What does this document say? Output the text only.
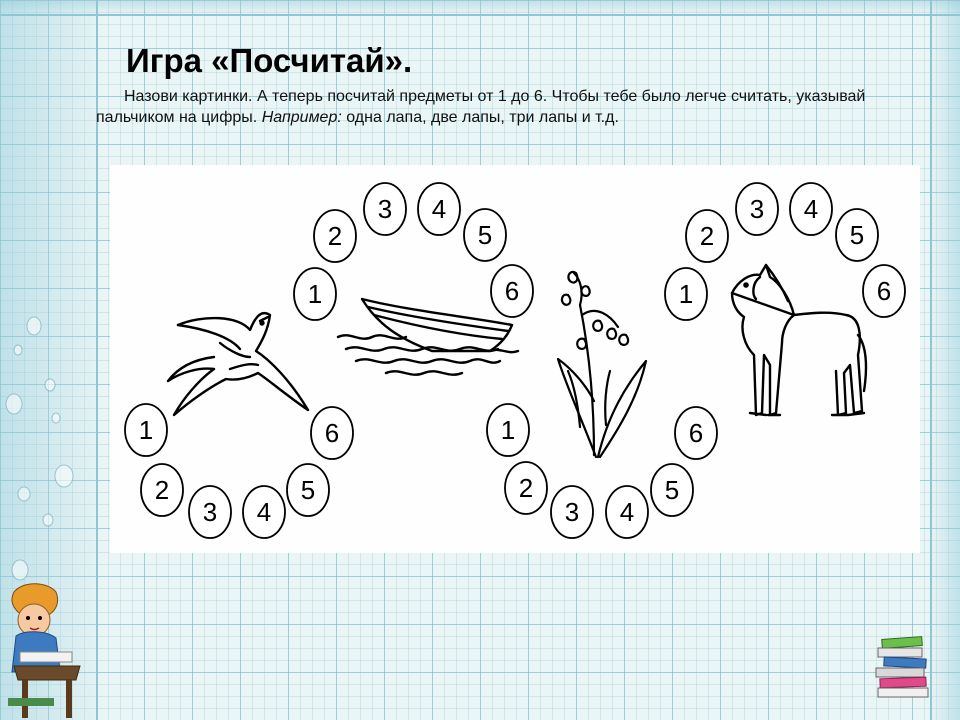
Игра «Посчитай».
Назови картинки. А теперь посчитай предметы от 1 до 6. Чтобы тебе было легче считать, указывай пальчиком на цифры. Например: одна лапа, две лапы, три лапы и т.д.
1
2
3 4
5
6
1
2
3 4
5
6
1
2
3 4
5
6
1
2
3 4
5
6
